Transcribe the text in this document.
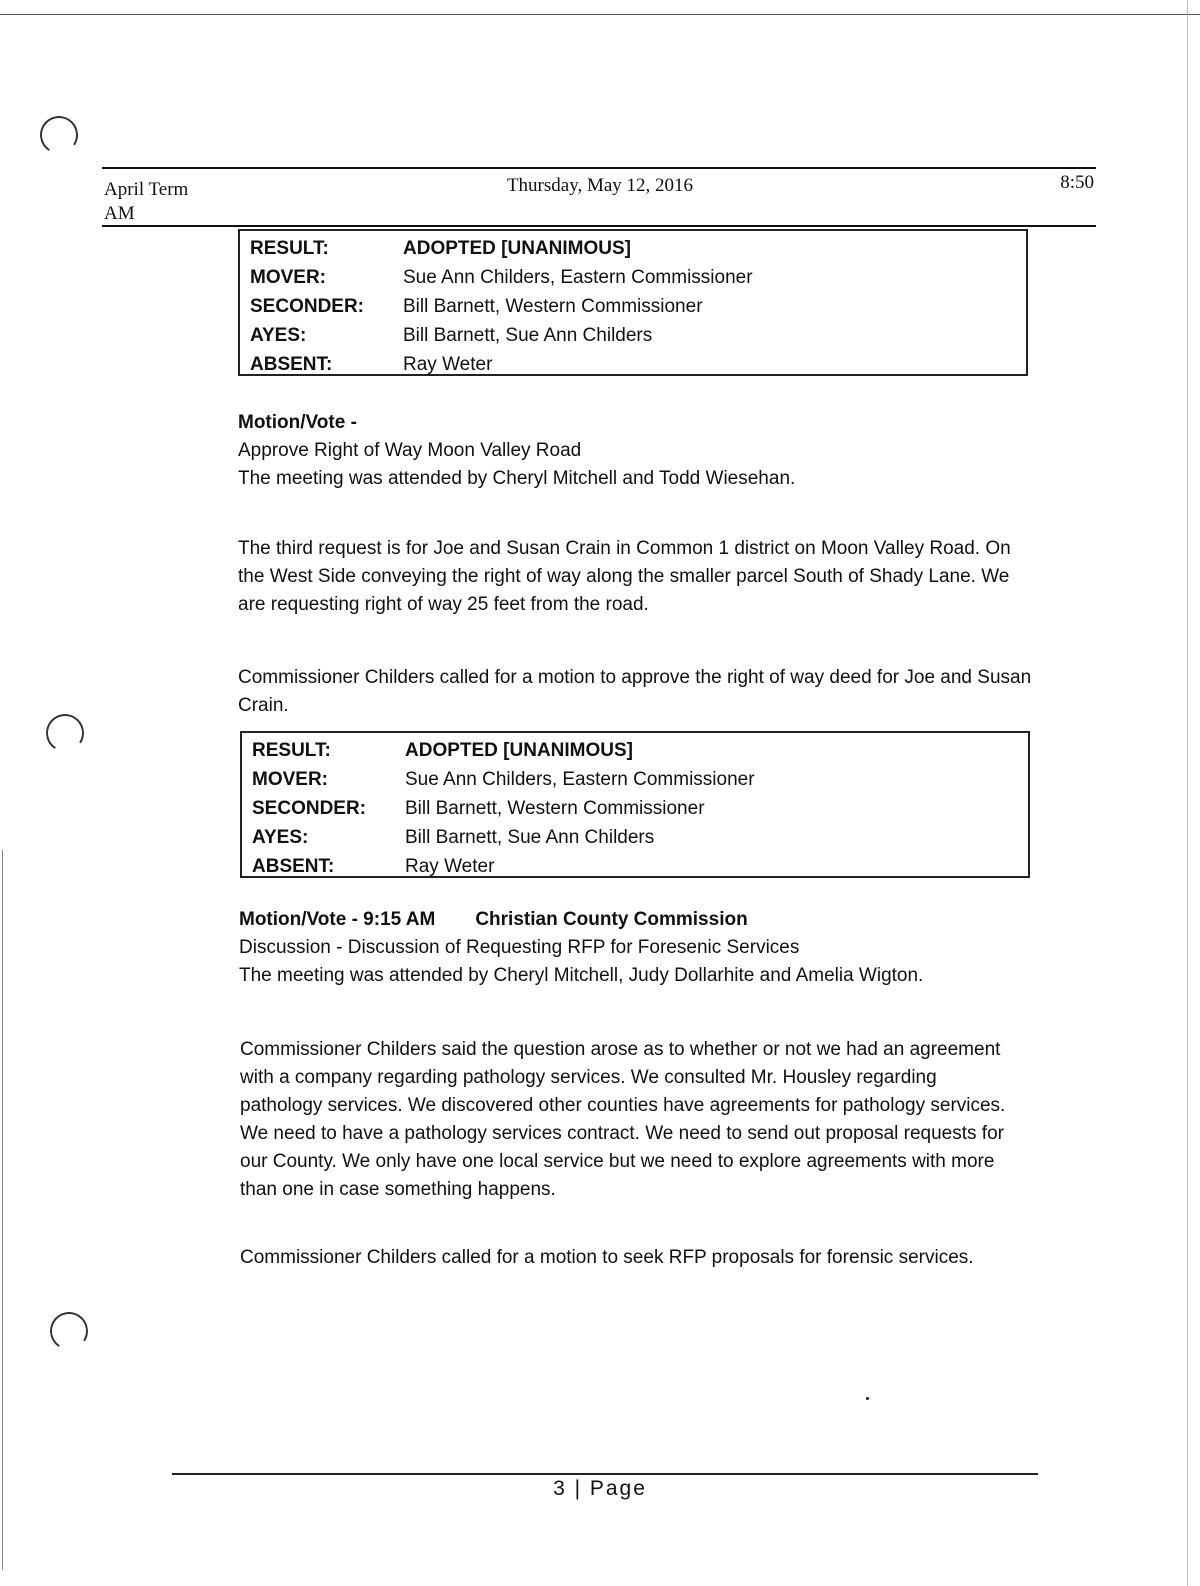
April Term
AM
Thursday, May 12, 2016	8:50
RESULT:	ADOPTED [UNANIMOUS]
MOVER:	Sue Ann Childers, Eastern Commissioner
SECONDER:	Bill Barnett, Western Commissioner
AYES:	Bill Barnett, Sue Ann Childers
ABSENT:	Ray Weter
Motion/Vote -
Approve Right of Way Moon Valley Road
The meeting was attended by Cheryl Mitchell and Todd Wiesehan.
The third request is for Joe and Susan Crain in Common 1 district on Moon Valley Road. On the West Side conveying the right of way along the smaller parcel South of Shady Lane. We are requesting right of way 25 feet from the road.
Commissioner Childers called for a motion to approve the right of way deed for Joe and Susan Crain.
RESULT:	ADOPTED [UNANIMOUS]
MOVER:	Sue Ann Childers, Eastern Commissioner
SECONDER:	Bill Barnett, Western Commissioner
AYES:	Bill Barnett, Sue Ann Childers
ABSENT:	Ray Weter
Motion/Vote - 9:15 AM Christian County Commission
Discussion - Discussion of Requesting RFP for Foresenic Services
The meeting was attended by Cheryl Mitchell, Judy Dollarhite and Amelia Wigton.
Commissioner Childers said the question arose as to whether or not we had an agreement with a company regarding pathology services. We consulted Mr. Housley regarding pathology services. We discovered other counties have agreements for pathology services. We need to have a pathology services contract. We need to send out proposal requests for our County. We only have one local service but we need to explore agreements with more than one in case something happens.
Commissioner Childers called for a motion to seek RFP proposals for forensic services.
3 | Page
